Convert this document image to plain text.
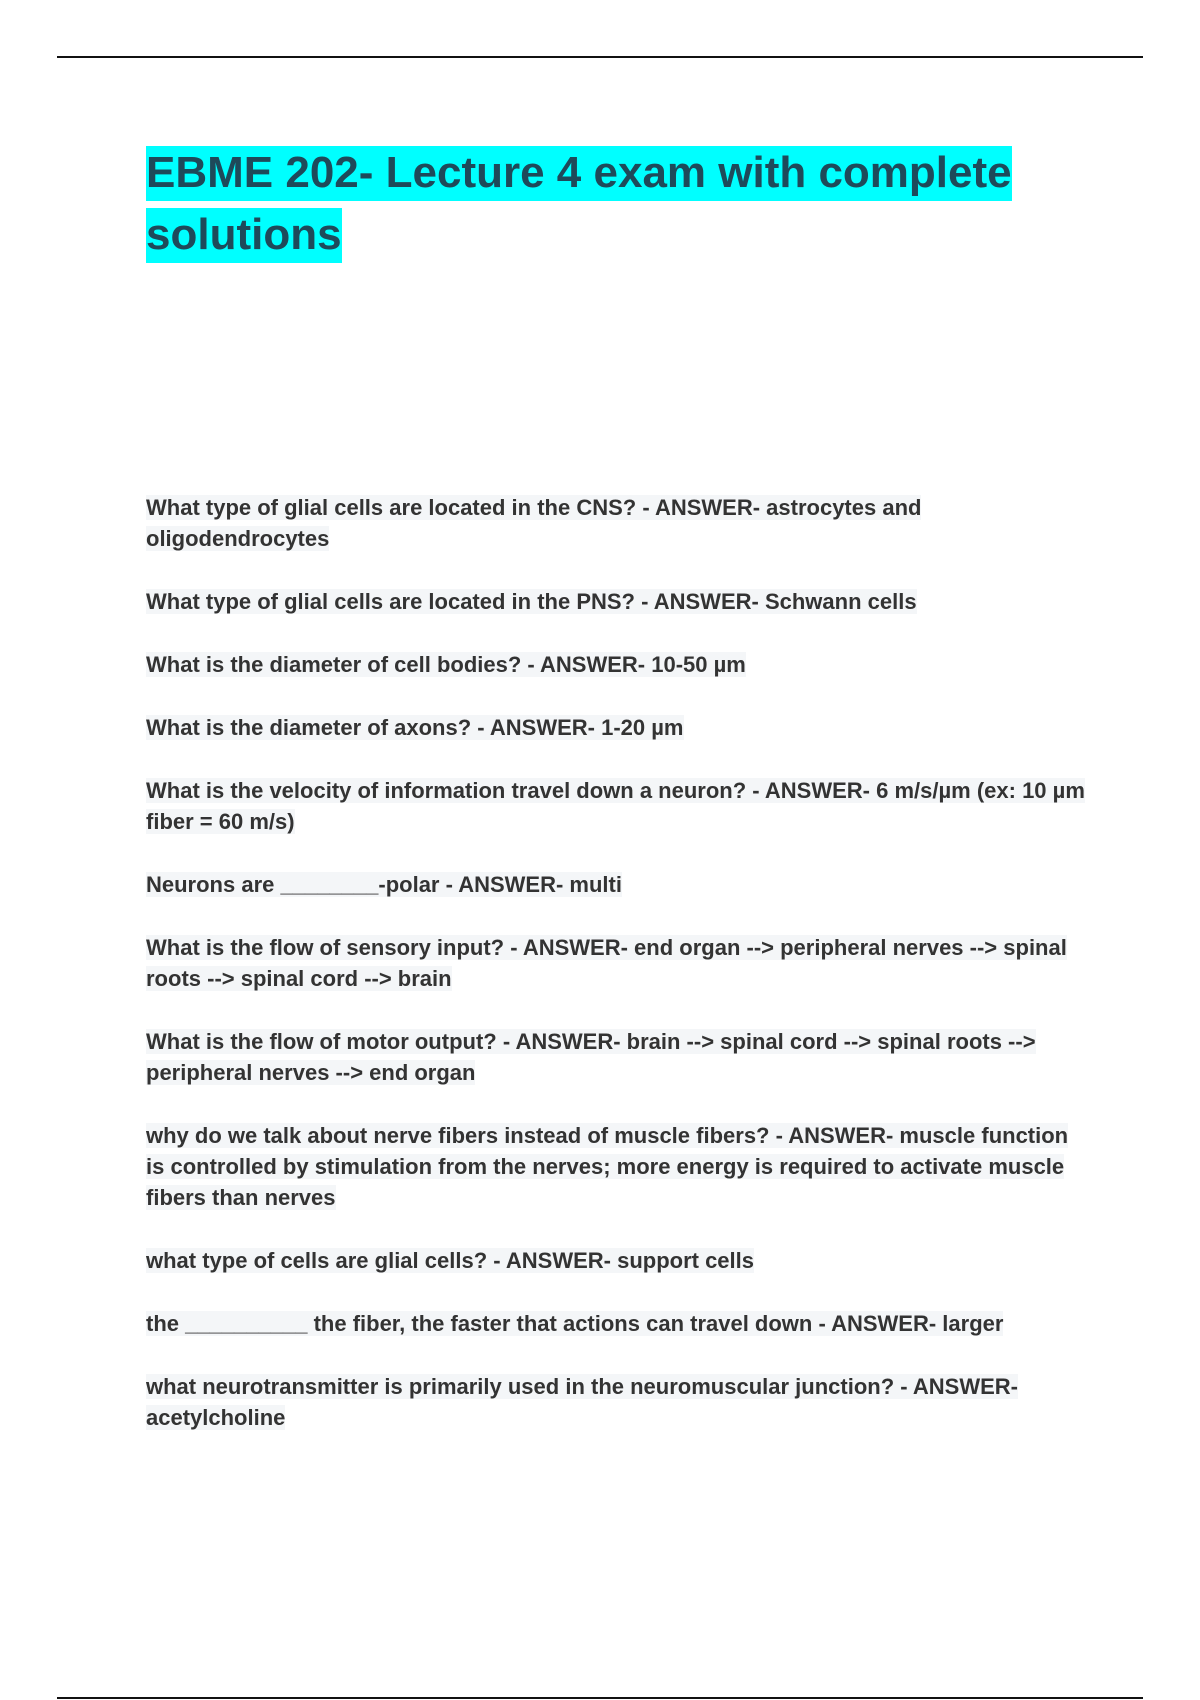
EBME 202- Lecture 4 exam with complete solutions
What type of glial cells are located in the CNS? - ANSWER- astrocytes and oligodendrocytes
What type of glial cells are located in the PNS? - ANSWER- Schwann cells
What is the diameter of cell bodies? - ANSWER- 10-50 µm
What is the diameter of axons? - ANSWER- 1-20 µm
What is the velocity of information travel down a neuron? - ANSWER- 6 m/s/µm (ex: 10 µm fiber = 60 m/s)
Neurons are ________-polar - ANSWER- multi
What is the flow of sensory input? - ANSWER- end organ --> peripheral nerves --> spinal roots --> spinal cord --> brain
What is the flow of motor output? - ANSWER- brain --> spinal cord --> spinal roots --> peripheral nerves --> end organ
why do we talk about nerve fibers instead of muscle fibers? - ANSWER- muscle function is controlled by stimulation from the nerves; more energy is required to activate muscle fibers than nerves
what type of cells are glial cells? - ANSWER- support cells
the __________ the fiber, the faster that actions can travel down - ANSWER- larger
what neurotransmitter is primarily used in the neuromuscular junction? - ANSWER- acetylcholine
